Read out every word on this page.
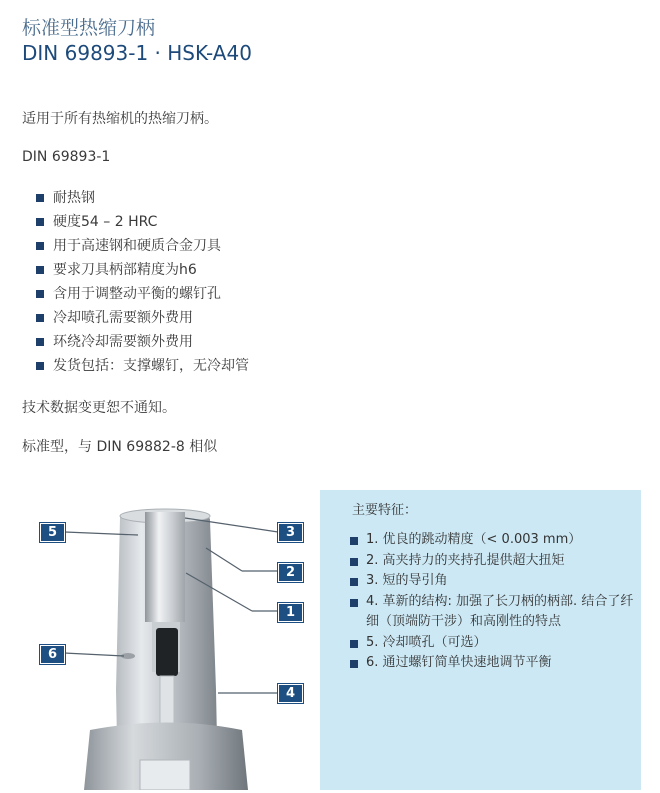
标准型热缩刀柄
DIN 69893-1 · HSK-A40
适用于所有热缩机的热缩刀柄。
DIN 69893-1
耐热钢
硬度54 – 2 HRC
用于高速钢和硬质合金刀具
要求刀具柄部精度为h6
含用于调整动平衡的螺钉孔
冷却喷孔需要额外费用
环绕冷却需要额外费用
发货包括：支撑螺钉，无冷却管
技术数据变更恕不通知。
标准型，与 DIN 69882-8 相似
5
6
3
2
1
4
主要特征：
1. 优良的跳动精度（< 0.003 mm）
2. 高夹持力的夹持孔提供超大扭矩
3. 短的导引角
4. 革新的结构: 加强了长刀柄的柄部. 结合了纤细（顶端防干涉）和高刚性的特点
5. 冷却喷孔（可选）
6. 通过螺钉简单快速地调节平衡
